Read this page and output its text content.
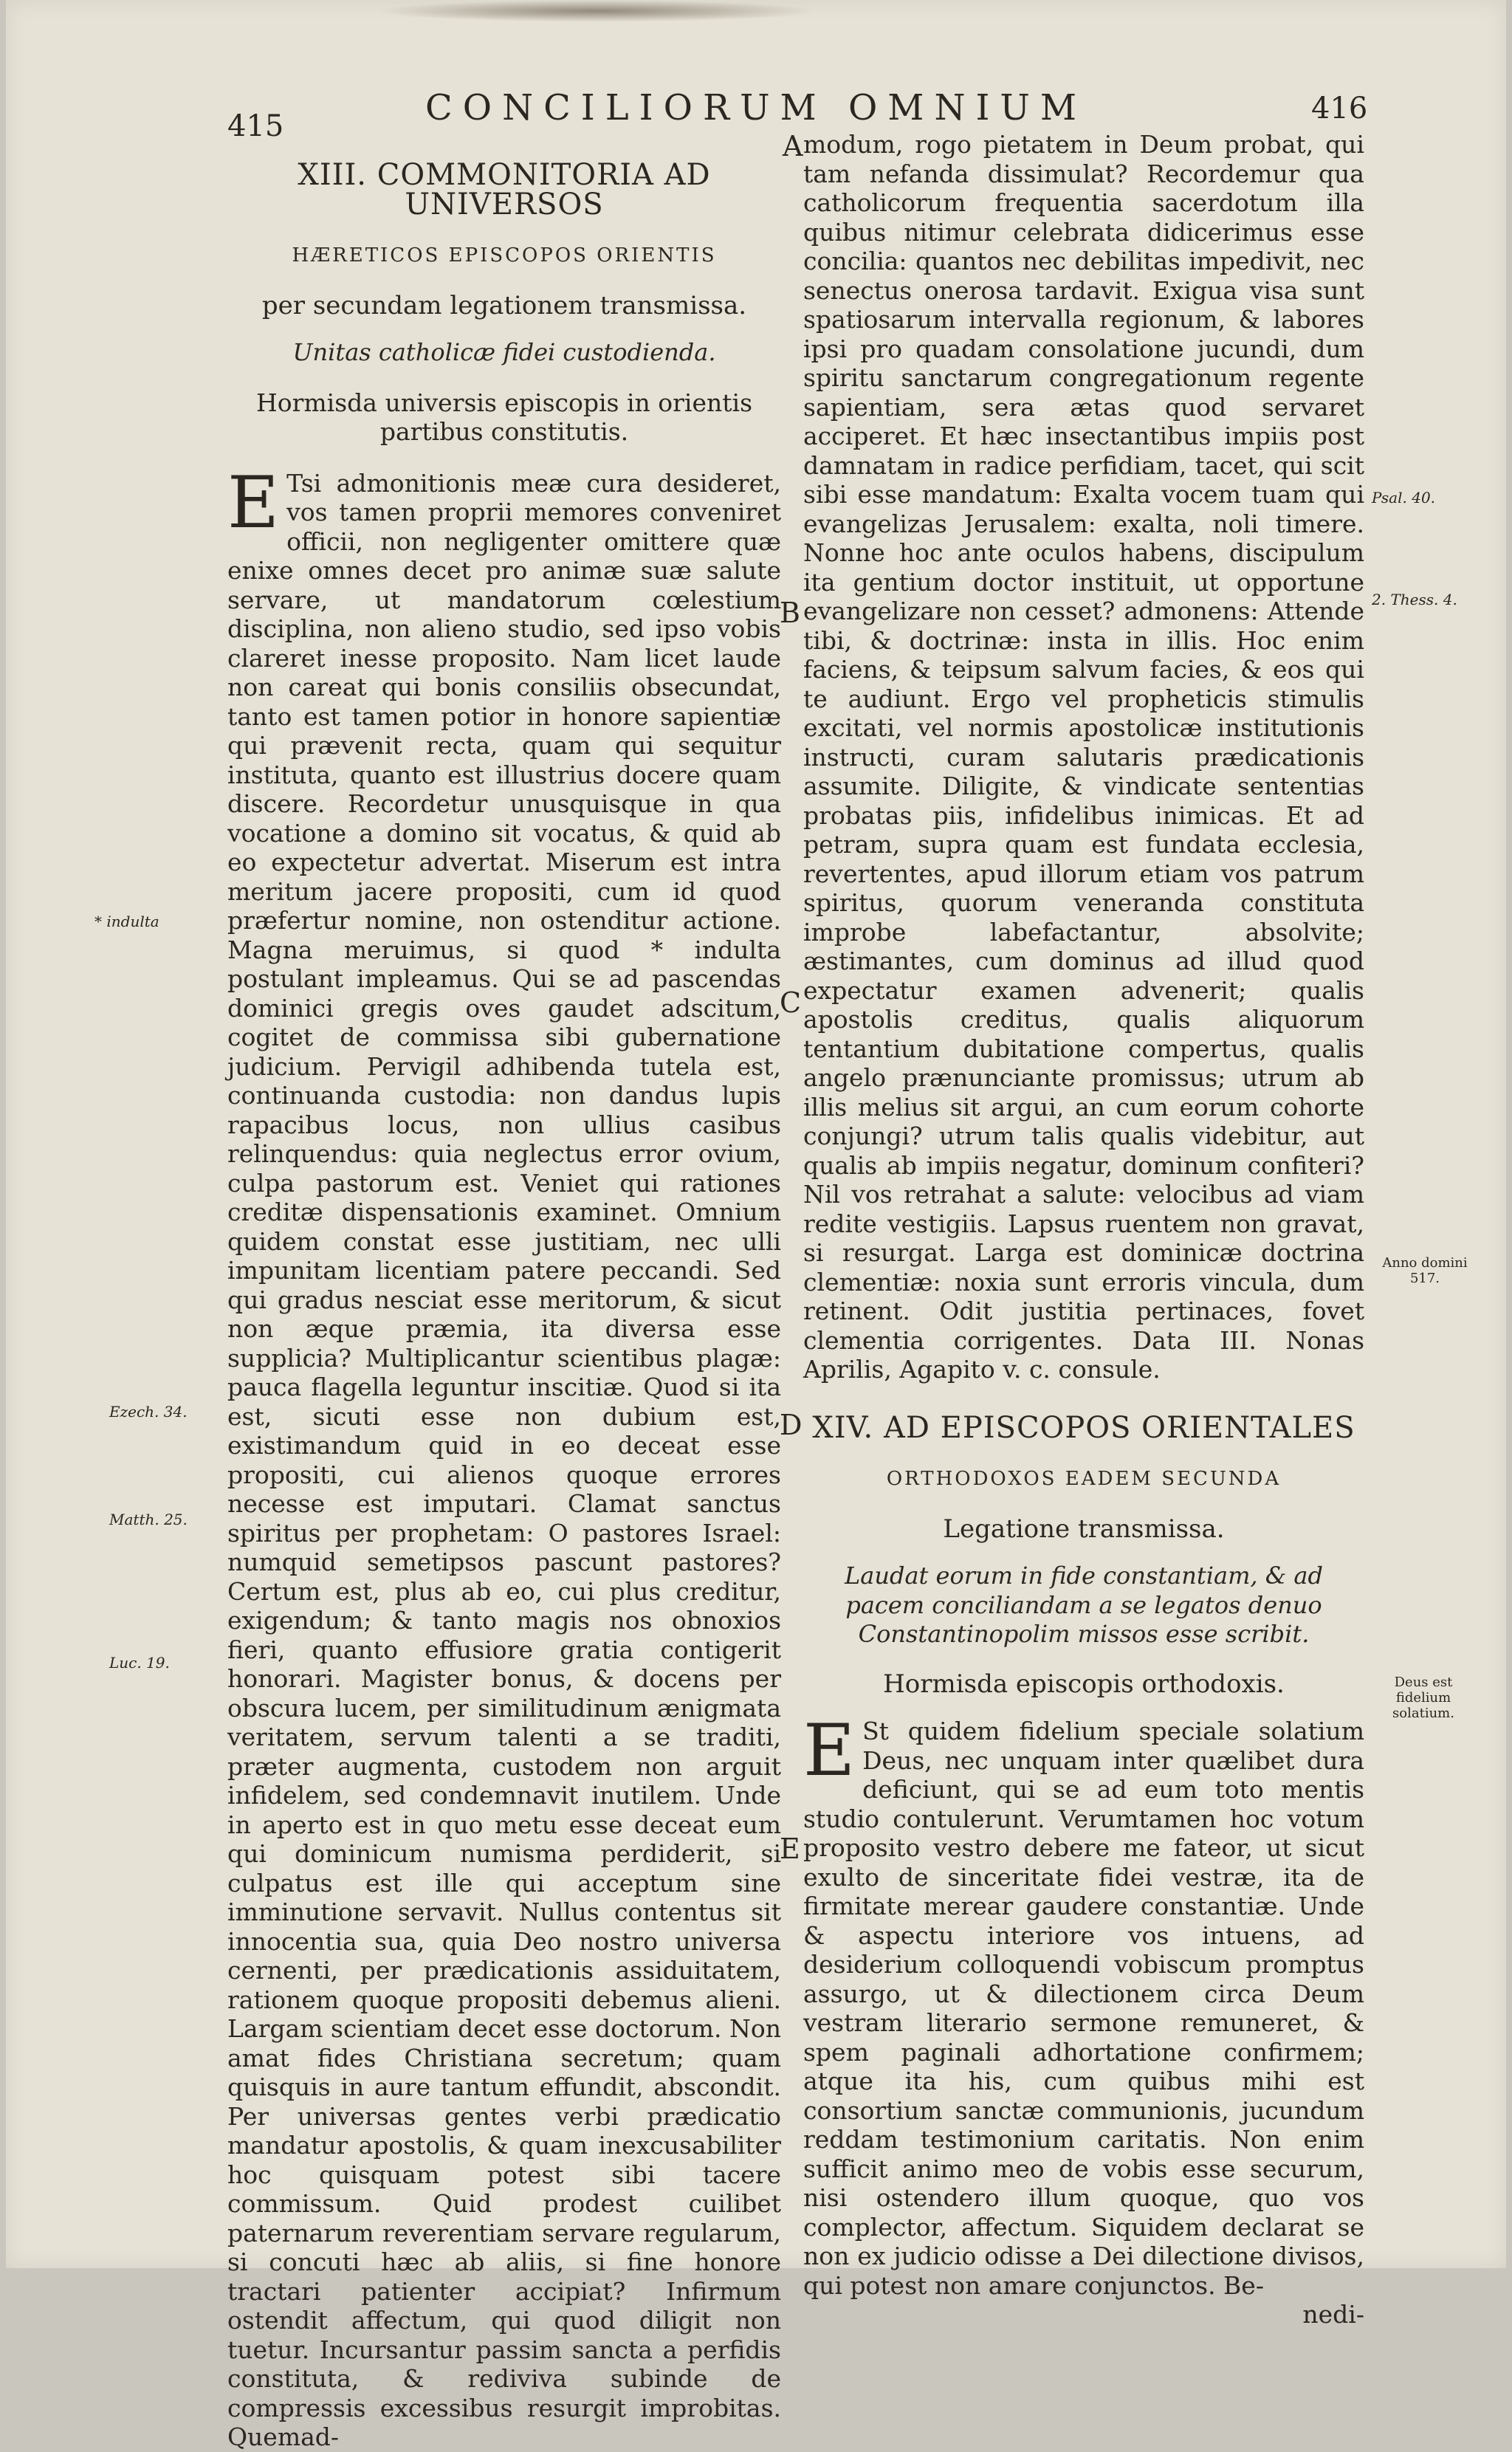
415	CONCILIORUM OMNIUM	416
XIII. COMMONITORIA AD UNIVERSOS
HÆRETICOS EPISCOPOS ORIENTIS
per secundam legationem transmissa.
Unitas catholicæ fidei custodienda.
Hormisda universis episcopis in orientis partibus constitutis.
E Tsi admonitionis meæ cura desideret, vos tamen proprii memores conveniret officii, non negligenter omittere quæ enixe omnes decet pro animæ suæ salute servare, ut mandatorum cœlestium disciplina, non alieno studio, sed ipso vobis clareret inesse proposito. Nam licet laude non careat qui bonis consiliis obsecundat, tanto est tamen potior in honore sapientiæ qui prævenit recta, quam qui sequitur instituta, quanto est illustrius docere quam discere. Recordetur unusquisque in qua vocatione a domino sit vocatus, & quid ab eo expectetur advertat. Miserum est intra meritum jacere propositi, cum id quod præfertur nomine, non ostenditur actione. Magna meruimus, si quod * indulta postulant impleamus. Qui se ad pascendas dominici gregis oves gaudet adscitum, cogitet de commissa sibi gubernatione judicium. Pervigil adhibenda tutela est, continuanda custodia: non dandus lupis rapacibus locus, non ullius casibus relinquendus: quia neglectus error ovium, culpa pastorum est. Veniet qui rationes creditæ dispensationis examinet. Omnium quidem constat esse justitiam, nec ulli impunitam licentiam patere peccandi. Sed qui gradus nesciat esse meritorum, & sicut non æque præmia, ita diversa esse supplicia? Multiplicantur scientibus plagæ: pauca flagella leguntur inscitiæ. Quod si ita est, sicuti esse non dubium est, existimandum quid in eo deceat esse propositi, cui alienos quoque errores necesse est imputari. Clamat sanctus spiritus per prophetam: O pastores Israel: numquid semetipsos pascunt pastores? Certum est, plus ab eo, cui plus creditur, exigendum; & tanto magis nos obnoxios fieri, quanto effusiore gratia contigerit honorari. Magister bonus, & docens per obscura lucem, per similitudinum ænigmata veritatem, servum talenti a se traditi, præter augmenta, custodem non arguit infidelem, sed condemnavit inutilem. Unde in aperto est in quo metu esse deceat eum qui dominicum numisma perdiderit, si culpatus est ille qui acceptum sine imminutione servavit. Nullus contentus sit innocentia sua, quia Deo nostro universa cernenti, per prædicationis assiduitatem, rationem quoque propositi debemus alieni. Largam scientiam decet esse doctorum. Non amat fides Christiana secretum; quam quisquis in aure tantum effundit, abscondit. Per universas gentes verbi prædicatio mandatur apostolis, & quam inexcusabiliter hoc quisquam potest sibi tacere commissum. Quid prodest cuilibet paternarum reverentiam servare regularum, si concuti hæc ab aliis, si fine honore tractari patienter accipiat? Infirmum ostendit affectum, qui quod diligit non tuetur. Incursantur passim sancta a perfidis constituta, & rediviva subinde de compressis excessibus resurgit improbitas. Quemad-
modum, rogo pietatem in Deum probat, qui tam nefanda dissimulat? Recordemur qua catholicorum frequentia sacerdotum illa quibus nitimur celebrata didicerimus esse concilia: quantos nec debilitas impedivit, nec senectus onerosa tardavit. Exigua visa sunt spatiosarum intervalla regionum, & labores ipsi pro quadam consolatione jucundi, dum spiritu sanctarum congregationum regente sapientiam, sera ætas quod servaret acciperet. Et hæc insectantibus impiis post damnatam in radice perfidiam, tacet, qui scit sibi esse mandatum: Exalta vocem tuam qui evangelizas Jerusalem: exalta, noli timere. Nonne hoc ante oculos habens, discipulum ita gentium doctor instituit, ut opportune evangelizare non cesset? admonens: Attende tibi, & doctrinæ: insta in illis. Hoc enim faciens, & teipsum salvum facies, & eos qui te audiunt. Ergo vel propheticis stimulis excitati, vel normis apostolicæ institutionis instructi, curam salutaris prædicationis assumite. Diligite, & vindicate sententias probatas piis, infidelibus inimicas. Et ad petram, supra quam est fundata ecclesia, revertentes, apud illorum etiam vos patrum spiritus, quorum veneranda constituta improbe labefactantur, absolvite; æstimantes, cum dominus ad illud quod expectatur examen advenerit; qualis apostolis creditus, qualis aliquorum tentantium dubitatione compertus, qualis angelo prænunciante promissus; utrum ab illis melius sit argui, an cum eorum cohorte conjungi? utrum talis qualis videbitur, aut qualis ab impiis negatur, dominum confiteri? Nil vos retrahat a salute: velocibus ad viam redite vestigiis. Lapsus ruentem non gravat, si resurgat. Larga est dominicæ doctrina clementiæ: noxia sunt erroris vincula, dum retinent. Odit justitia pertinaces, fovet clementia corrigentes. Data III. Nonas Aprilis, Agapito v. c. consule.
XIV. AD EPISCOPOS ORIENTALES
ORTHODOXOS EADEM SECUNDA
Legatione transmissa.
Laudat eorum in fide constantiam, & ad pacem conciliandam a se legatos denuo Constantinopolim missos esse scribit.
Hormisda episcopis orthodoxis.
E St quidem fidelium speciale solatium Deus, nec unquam inter quælibet dura deficiunt, qui se ad eum toto mentis studio contulerunt. Verumtamen hoc votum proposito vestro debere me fateor, ut sicut exulto de sinceritate fidei vestræ, ita de firmitate merear gaudere constantiæ. Unde & aspectu interiore vos intuens, ad desiderium colloquendi vobiscum promptus assurgo, ut & dilectionem circa Deum vestram literario sermone remuneret, & spem paginali adhortatione confirmem; atque ita his, cum quibus mihi est consortium sanctæ communionis, jucundum reddam testimonium caritatis. Non enim sufficit animo meo de vobis esse securum, nisi ostendero illum quoque, quo vos complector, affectum. Siquidem declarat se non ex judicio odisse a Dei dilectione divisos, qui potest non amare conjunctos. Be-
nedi-
A
B
C
D
E
* indulta
Ezech. 34.
Matth. 25.
Luc. 19.
Psal. 40.
2. Thess. 4.
Anno domini
517.
Deus est
fidelium
solatium.
